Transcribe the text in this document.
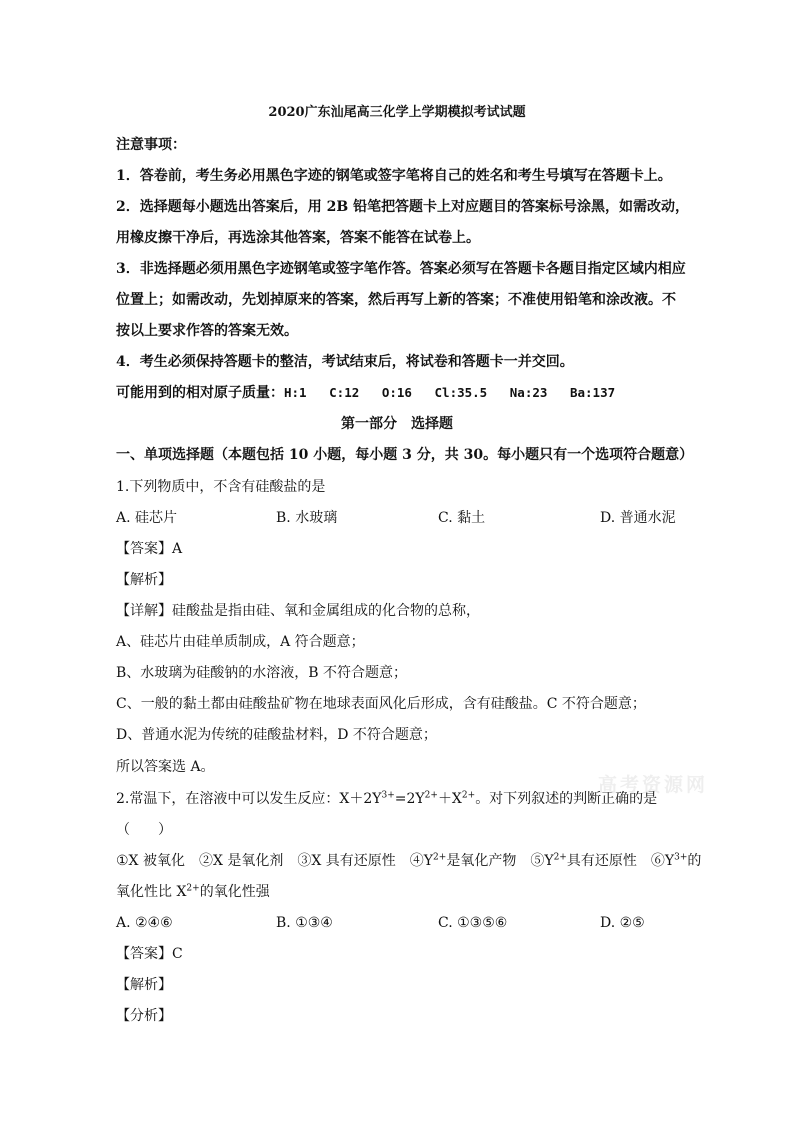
2020广东汕尾高三化学上学期模拟考试试题
注意事项：
1．答卷前，考生务必用黑色字迹的钢笔或签字笔将自己的姓名和考生号填写在答题卡上。
2．选择题每小题选出答案后，用 2B 铅笔把答题卡上对应题目的答案标号涂黑，如需改动，
用橡皮擦干净后，再选涂其他答案，答案不能答在试卷上。
3．非选择题必须用黑色字迹钢笔或签字笔作答。答案必须写在答题卡各题目指定区域内相应
位置上；如需改动，先划掉原来的答案，然后再写上新的答案；不准使用铅笔和涂改液。不
按以上要求作答的答案无效。
4．考生必须保持答题卡的整洁，考试结束后，将试卷和答题卡一并交回。
可能用到的相对原子质量：H:1   C:12   O:16   Cl:35.5   Na:23   Ba:137
第一部分　选择题
一、单项选择题（本题包括 10 小题，每小题 3 分，共 30。每小题只有一个选项符合题意）
1.下列物质中，不含有硅酸盐的是
A. 硅芯片	B. 水玻璃	C. 黏土	D. 普通水泥
【答案】A
【解析】
【详解】硅酸盐是指由硅、氧和金属组成的化合物的总称，
A、硅芯片由硅单质制成，A 符合题意；
B、水玻璃为硅酸钠的水溶液，B 不符合题意；
C、一般的黏土都由硅酸盐矿物在地球表面风化后形成，含有硅酸盐。C 不符合题意；
D、普通水泥为传统的硅酸盐材料，D 不符合题意；
所以答案选 A。
2.常温下，在溶液中可以发生反应：$X+2Y^{3+}=2Y^{2+}+X^{2+}$。对下列叙述的判断正确的是
（　　）
①X 被氧化　②X 是氧化剂　③X 具有还原性　$④Y^{2+}$是氧化产物　$⑤Y^{2+}$具有还原性　$⑥Y^{3+}$的
氧化性比 $X^{2+}$的氧化性强
A. ②④⑥	B. ①③④	C. ①③⑤⑥	D. ②⑤
【答案】C
【解析】
【分析】
高考资源网
